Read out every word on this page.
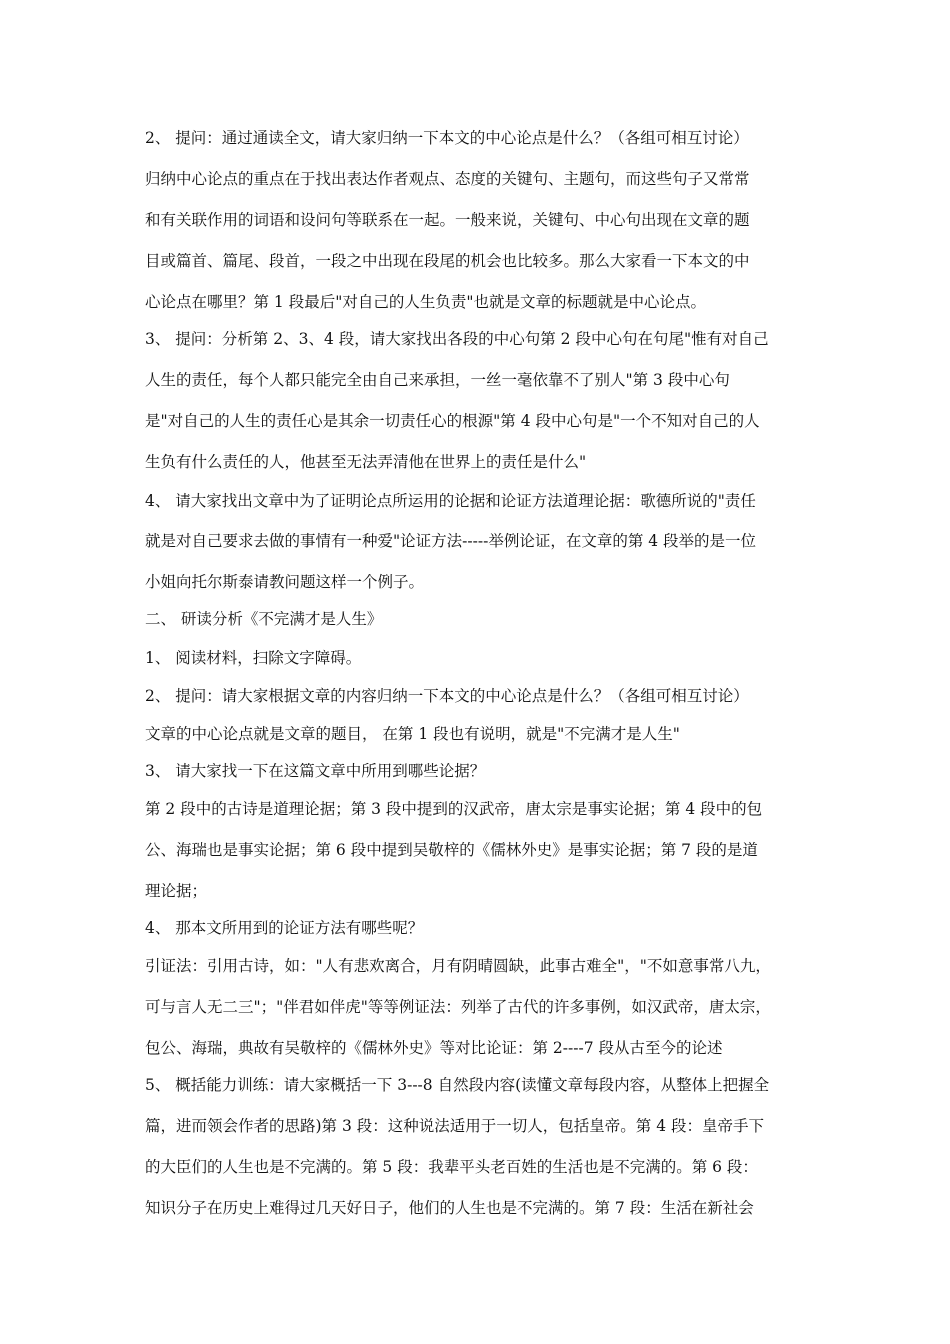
2、 提问：通过通读全文，请大家归纳一下本文的中心论点是什么？（各组可相互讨论）
归纳中心论点的重点在于找出表达作者观点、态度的关键句、主题句，而这些句子又常常
和有关联作用的词语和设问句等联系在一起。一般来说，关键句、中心句出现在文章的题
目或篇首、篇尾、段首，一段之中出现在段尾的机会也比较多。那么大家看一下本文的中
心论点在哪里？第 1 段最后"对自己的人生负责"也就是文章的标题就是中心论点。
3、 提问：分析第 2、3、4 段，请大家找出各段的中心句第 2 段中心句在句尾"惟有对自己
人生的责任，每个人都只能完全由自己来承担，一丝一毫依靠不了别人"第 3 段中心句
是"对自己的人生的责任心是其余一切责任心的根源"第 4 段中心句是"一个不知对自己的人
生负有什么责任的人，他甚至无法弄清他在世界上的责任是什么"
4、 请大家找出文章中为了证明论点所运用的论据和论证方法道理论据：歌德所说的"责任
就是对自己要求去做的事情有一种爱"论证方法-----举例论证，在文章的第 4 段举的是一位
小姐向托尔斯泰请教问题这样一个例子。
二、 研读分析《不完满才是人生》
1、 阅读材料，扫除文字障碍。
2、 提问：请大家根据文章的内容归纳一下本文的中心论点是什么？（各组可相互讨论）
文章的中心论点就是文章的题目， 在第 1 段也有说明，就是"不完满才是人生"
3、 请大家找一下在这篇文章中所用到哪些论据？
第 2 段中的古诗是道理论据；第 3 段中提到的汉武帝，唐太宗是事实论据；第 4 段中的包
公、海瑞也是事实论据；第 6 段中提到吴敬梓的《儒林外史》是事实论据；第 7 段的是道
理论据；
4、 那本文所用到的论证方法有哪些呢？
引证法：引用古诗，如："人有悲欢离合，月有阴晴圆缺，此事古难全"，"不如意事常八九，
可与言人无二三"；"伴君如伴虎"等等例证法：列举了古代的许多事例，如汉武帝，唐太宗，
包公、海瑞，典故有吴敬梓的《儒林外史》等对比论证：第 2----7 段从古至今的论述
5、 概括能力训练：请大家概括一下 3---8 自然段内容(读懂文章每段内容，从整体上把握全
篇，进而领会作者的思路)第 3 段：这种说法适用于一切人，包括皇帝。第 4 段：皇帝手下
的大臣们的人生也是不完满的。第 5 段：我辈平头老百姓的生活也是不完满的。第 6 段：
知识分子在历史上难得过几天好日子，他们的人生也是不完满的。第 7 段：生活在新社会
